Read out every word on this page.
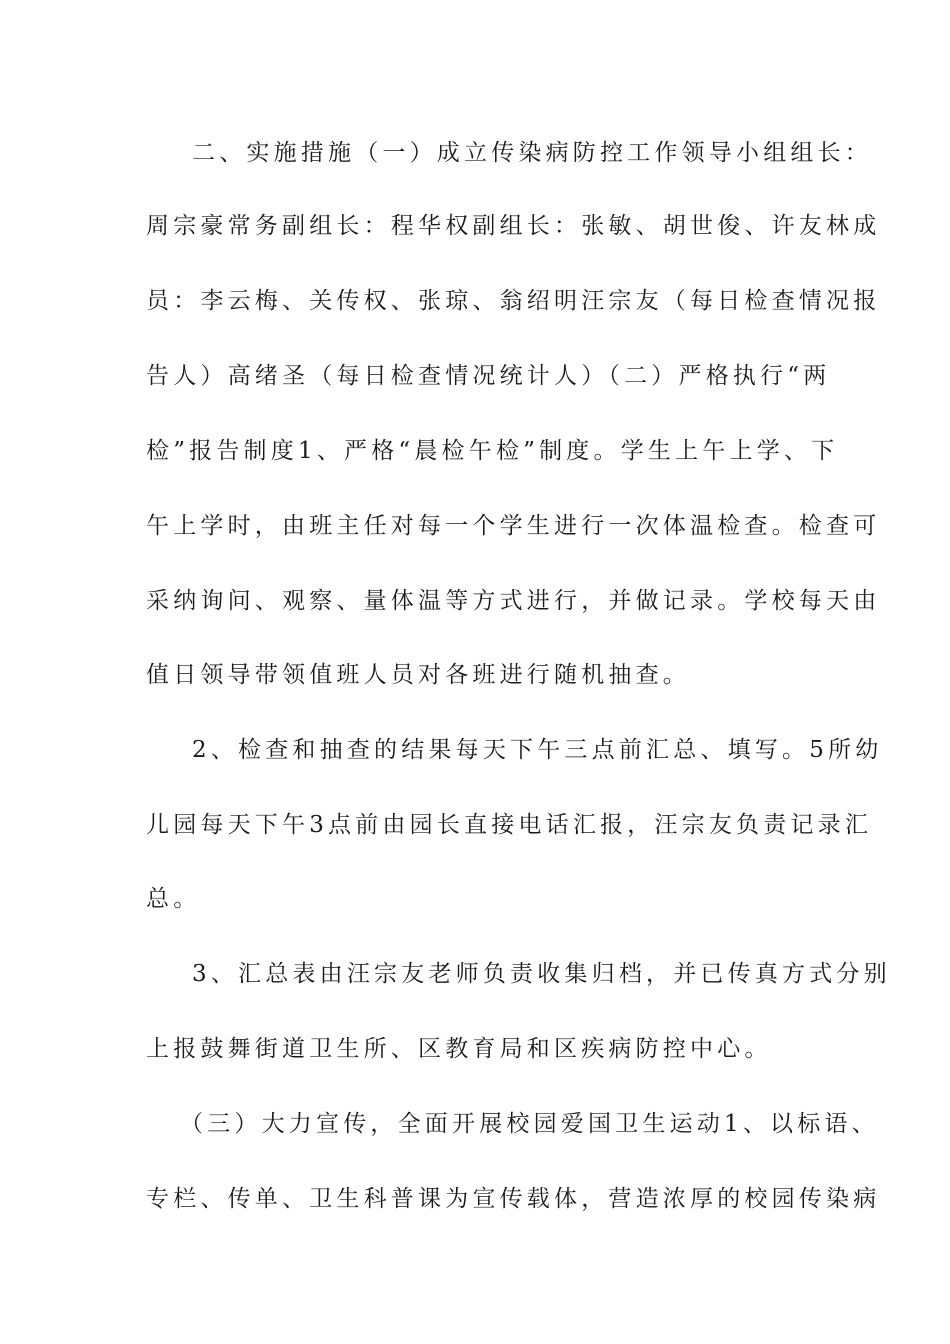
二、实施措施（一）成立传染病防控工作领导小组组长：
周宗豪常务副组长：程华权副组长：张敏、胡世俊、许友林成
员：李云梅、关传权、张琼、翁绍明汪宗友（每日检查情况报
告人）高绪圣（每日检查情况统计人）（二）严格执行“两
检”报告制度1、严格“晨检午检”制度。学生上午上学、下
午上学时，由班主任对每一个学生进行一次体温检查。检查可
采纳询问、观察、量体温等方式进行，并做记录。学校每天由
值日领导带领值班人员对各班进行随机抽查。
2、检查和抽查的结果每天下午三点前汇总、填写。5所幼
儿园每天下午3点前由园长直接电话汇报，汪宗友负责记录汇
总。
3、汇总表由汪宗友老师负责收集归档，并已传真方式分别
上报鼓舞街道卫生所、区教育局和区疾病防控中心。
（三）大力宣传，全面开展校园爱国卫生运动1、以标语、
专栏、传单、卫生科普课为宣传载体，营造浓厚的校园传染病
